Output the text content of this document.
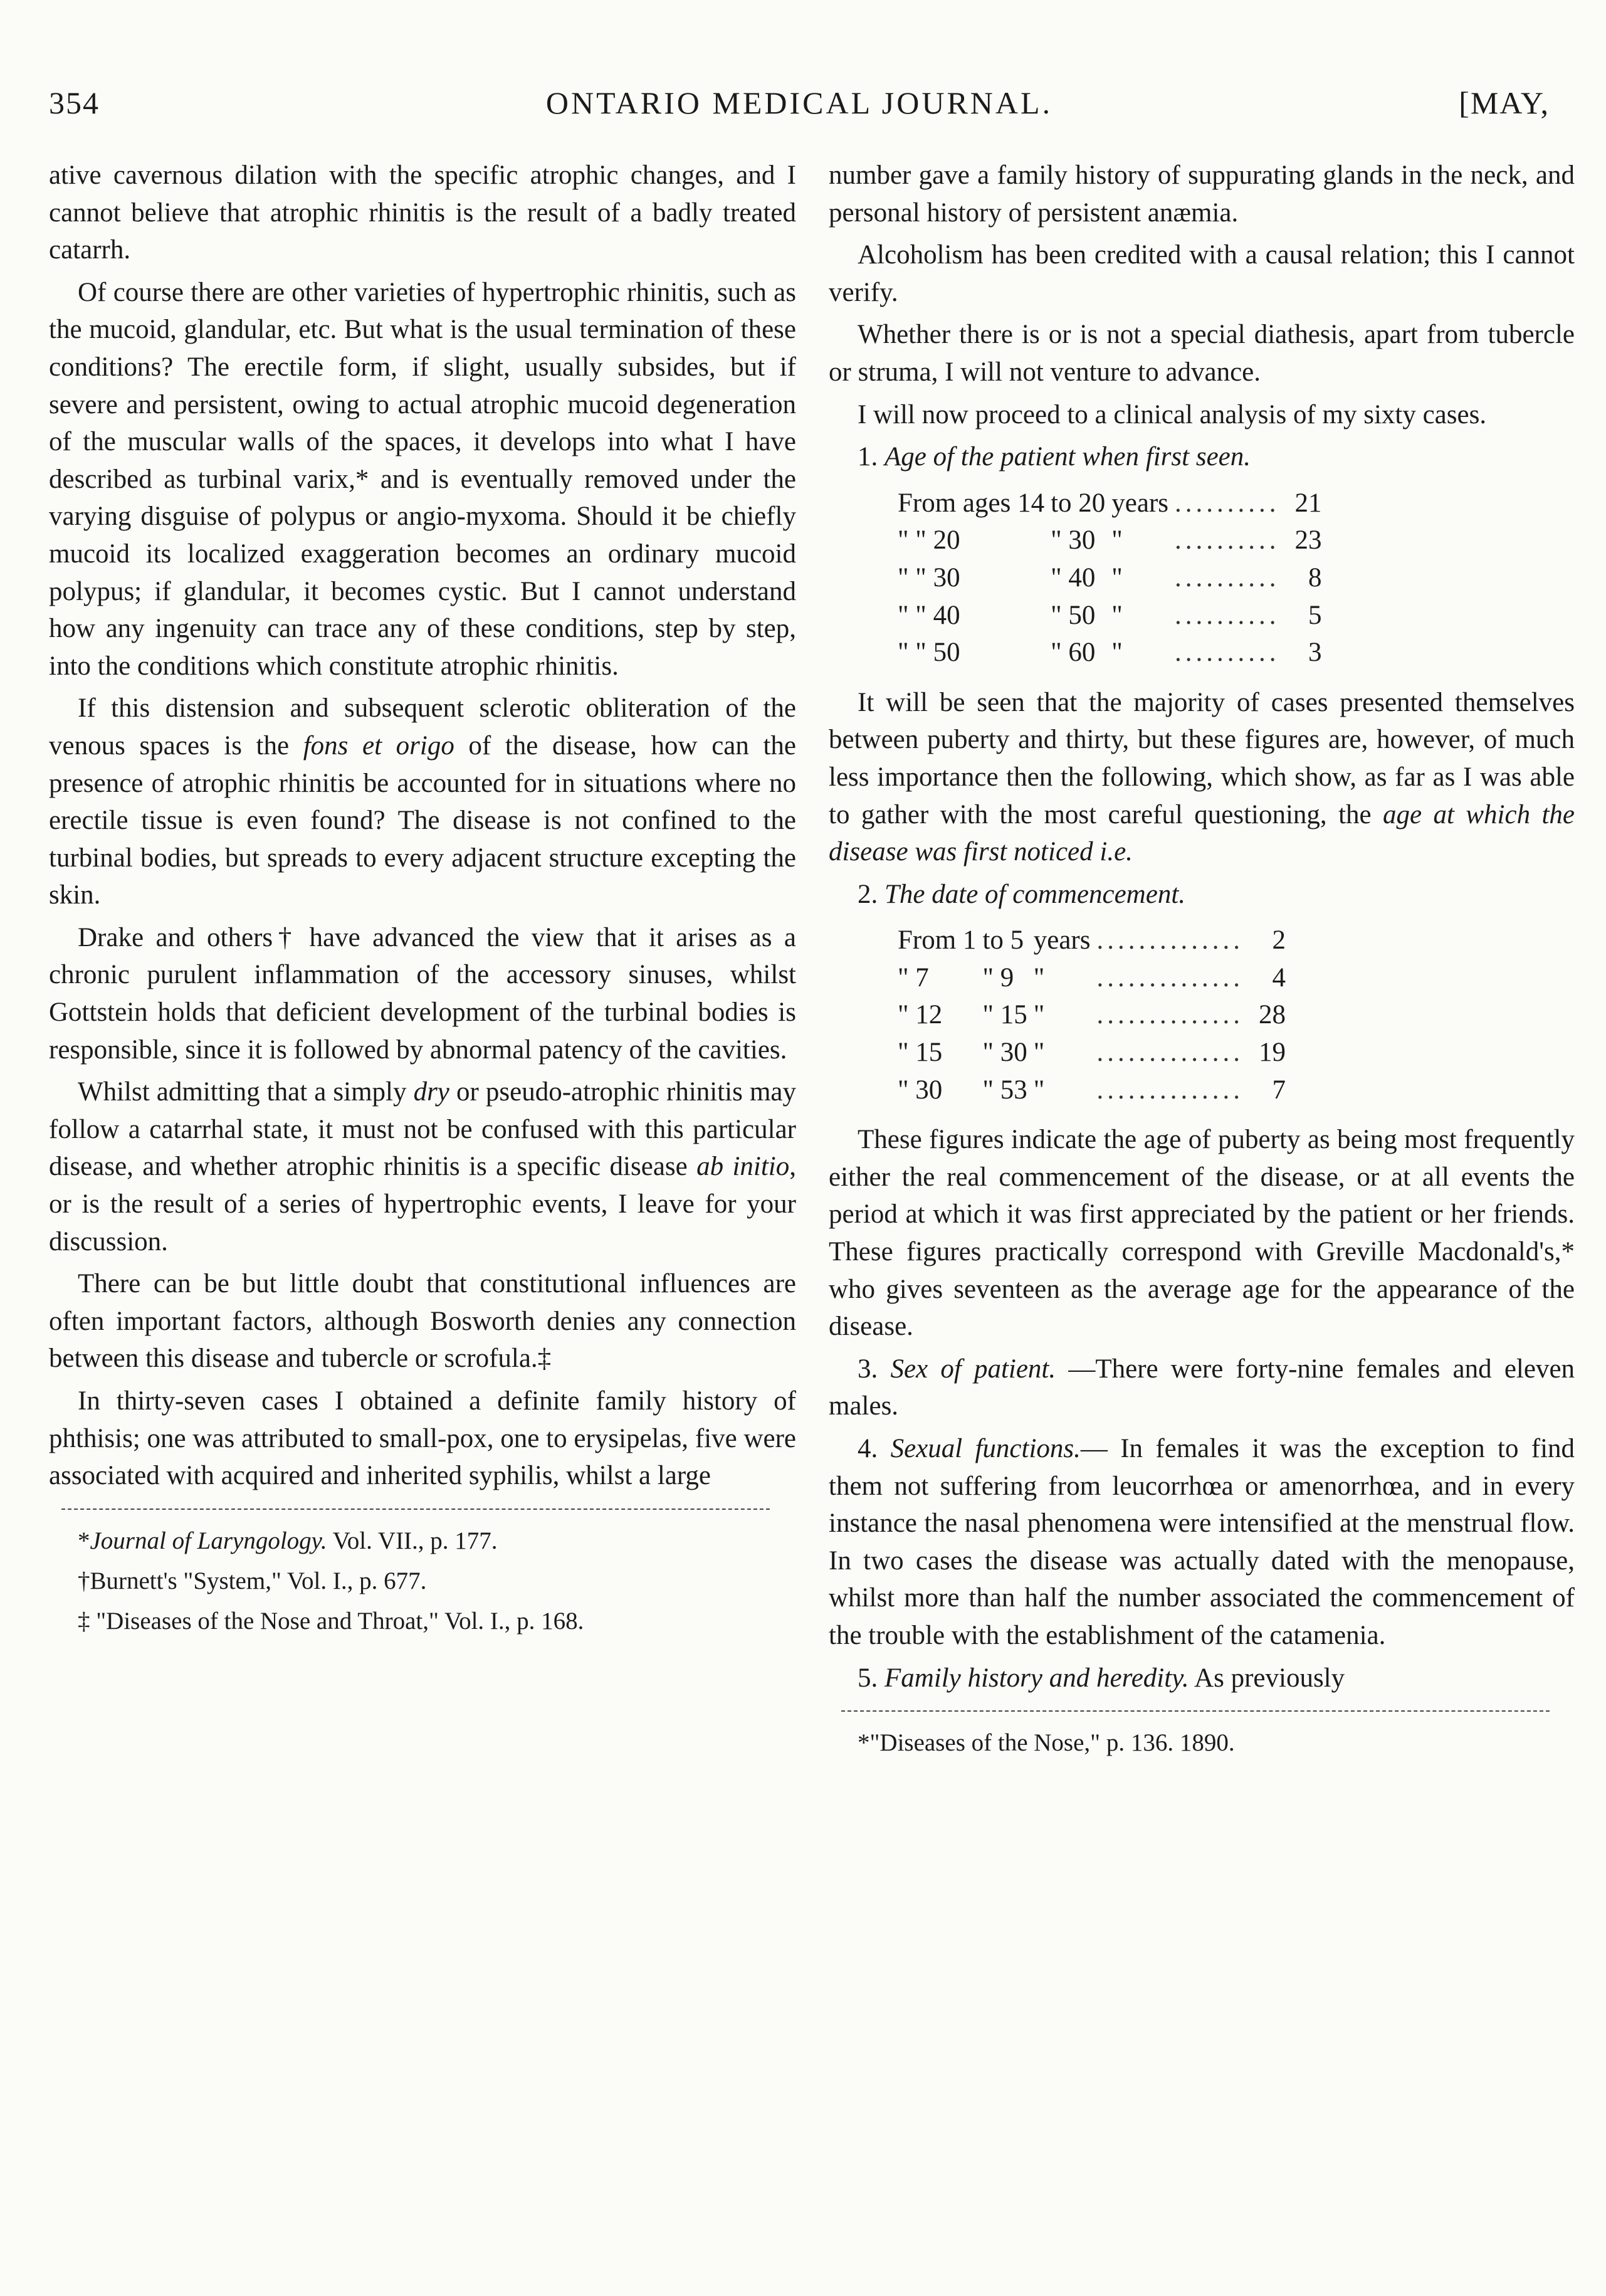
354	ONTARIO MEDICAL JOURNAL.	[MAY,

ative cavernous dilation with the specific atrophic changes, and I cannot believe that atrophic rhinitis is the result of a badly treated catarrh.

Of course there are other varieties of hypertrophic rhinitis, such as the mucoid, glandular, etc. But what is the usual termination of these conditions? The erectile form, if slight, usually subsides, but if severe and persistent, owing to actual atrophic mucoid degeneration of the muscular walls of the spaces, it develops into what I have described as turbinal varix,* and is eventually removed under the varying disguise of polypus or angio-myxoma. Should it be chiefly mucoid its localized exaggeration becomes an ordinary mucoid polypus; if glandular, it becomes cystic. But I cannot understand how any ingenuity can trace any of these conditions, step by step, into the conditions which constitute atrophic rhinitis.

If this distension and subsequent sclerotic obliteration of the venous spaces is the fons et origo of the disease, how can the presence of atrophic rhinitis be accounted for in situations where no erectile tissue is even found? The disease is not confined to the turbinal bodies, but spreads to every adjacent structure excepting the skin.

Drake and others† have advanced the view that it arises as a chronic purulent inflammation of the accessory sinuses, whilst Gottstein holds that deficient development of the turbinal bodies is responsible, since it is followed by abnormal patency of the cavities.

Whilst admitting that a simply dry or pseudo-atrophic rhinitis may follow a catarrhal state, it must not be confused with this particular disease, and whether atrophic rhinitis is a specific disease ab initio, or is the result of a series of hypertrophic events, I leave for your discussion.

There can be but little doubt that constitutional influences are often important factors, although Bosworth denies any connection between this disease and tubercle or scrofula.‡

In thirty-seven cases I obtained a definite family history of phthisis; one was attributed to small-pox, one to erysipelas, five were associated with acquired and inherited syphilis, whilst a large

*Journal of Laryngology. Vol. VII., p. 177.

†Burnett's "System," Vol. I., p. 677.

‡ "Diseases of the Nose and Throat," Vol. I., p. 168.

number gave a family history of suppurating glands in the neck, and personal history of persistent anæmia.

Alcoholism has been credited with a causal relation; this I cannot verify.

Whether there is or is not a special diathesis, apart from tubercle or struma, I will not venture to advance.

I will now proceed to a clinical analysis of my sixty cases.

1. Age of the patient when first seen.

From ages 14	to 20	years	..........	21
" " 20	" 30	"	..........	23
" " 30	" 40	"	..........	8
" " 40	" 50	"	..........	5
" " 50	" 60	"	..........	3

It will be seen that the majority of cases presented themselves between puberty and thirty, but these figures are, however, of much less importance then the following, which show, as far as I was able to gather with the most careful questioning, the age at which the disease was first noticed i.e.

2. The date of commencement.

From 1	to 5	years	..............	2
" 7	" 9	"	..............	4
" 12	" 15	"	..............	28
" 15	" 30	"	..............	19
" 30	" 53	"	..............	7

These figures indicate the age of puberty as being most frequently either the real commencement of the disease, or at all events the period at which it was first appreciated by the patient or her friends. These figures practically correspond with Greville Macdonald's,* who gives seventeen as the average age for the appearance of the disease.

3. Sex of patient. —There were forty-nine females and eleven males.

4. Sexual functions.— In females it was the exception to find them not suffering from leucorrhœa or amenorrhœa, and in every instance the nasal phenomena were intensified at the menstrual flow. In two cases the disease was actually dated with the menopause, whilst more than half the number associated the commencement of the trouble with the establishment of the catamenia.

5. Family history and heredity. As previously

*"Diseases of the Nose," p. 136. 1890.
